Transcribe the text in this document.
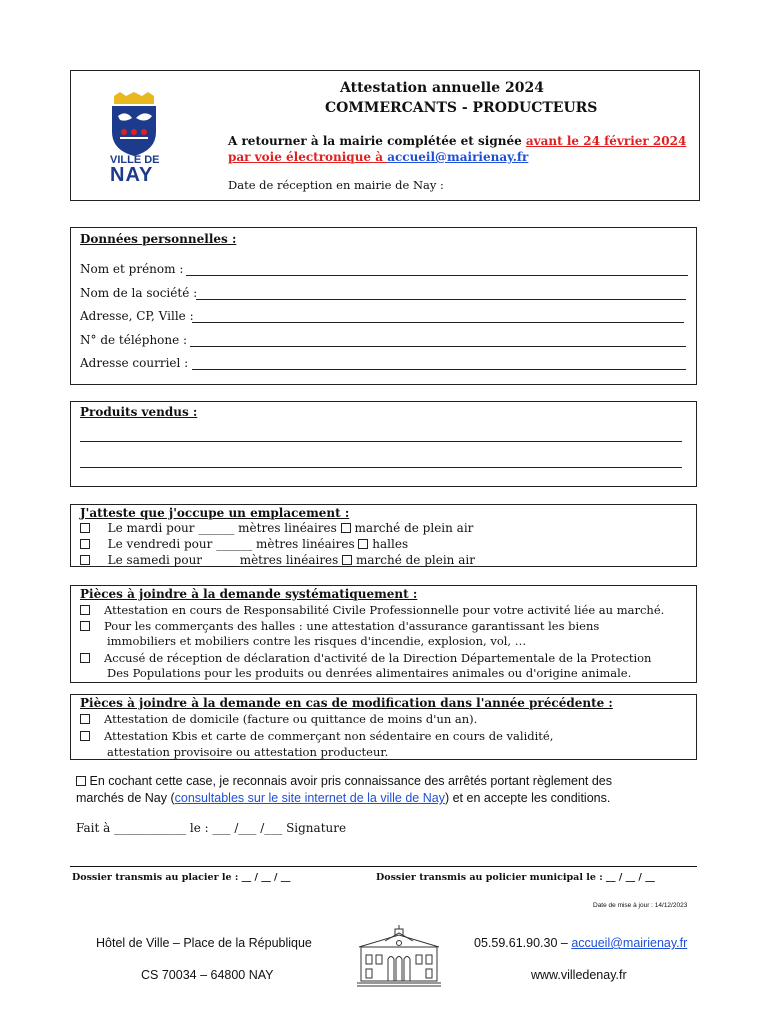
VILLE DE
NAY
Attestation annuelle 2024
COMMERCANTS - PRODUCTEURS
A retourner à la mairie complétée et signée avant le 24 février 2024
par voie électronique à accueil@mairienay.fr
Date de réception en mairie de Nay :
Données personnelles :
Nom et prénom :
Nom de la société :
Adresse, CP, Ville :
N° de téléphone :
Adresse courriel :
Produits vendus :
J'atteste que j'occupe un emplacement :
Le mardi pour ______ mètres linéaires marché de plein air
Le vendredi pour ______ mètres linéaires halles
Le samedi pour _____ mètres linéaires marché de plein air
Pièces à joindre à la demande systématiquement :
Attestation en cours de Responsabilité Civile Professionnelle pour votre activité liée au marché.
Pour les commerçants des halles : une attestation d'assurance garantissant les biens
immobiliers et mobiliers contre les risques d'incendie, explosion, vol, …
Accusé de réception de déclaration d'activité de la Direction Départementale de la Protection
Des Populations pour les produits ou denrées alimentaires animales ou d'origine animale.
Pièces à joindre à la demande en cas de modification dans l'année précédente :
Attestation de domicile (facture ou quittance de moins d'un an).
Attestation Kbis et carte de commerçant non sédentaire en cours de validité,
attestation provisoire ou attestation producteur.
En cochant cette case, je reconnais avoir pris connaissance des arrêtés portant règlement des
marchés de Nay (consultables sur le site internet de la ville de Nay) et en accepte les conditions.
Fait à ____________ le : ___ /___ /___ Signature
Dossier transmis au placier le : __ / __ / __	Dossier transmis au policier municipal le : __ / __ / __
Date de mise à jour : 14/12/2023
Hôtel de Ville – Place de la République
CS 70034 – 64800 NAY
05.59.61.90.30 – accueil@mairienay.fr
www.villedenay.fr
